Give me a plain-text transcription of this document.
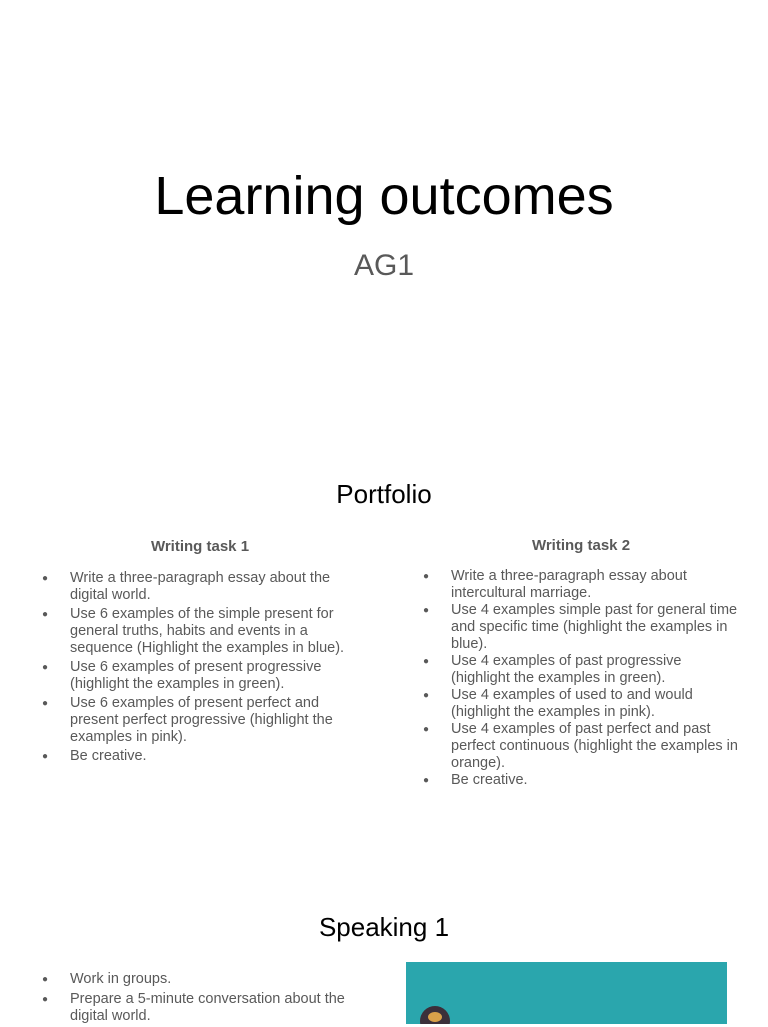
Learning outcomes
AG1
Portfolio
Writing task 1
● Write a three-paragraph essay about the digital world.
● Use 6 examples of the simple present for general truths, habits and events in a sequence (Highlight the examples in blue).
● Use 6 examples of present progressive (highlight the examples in green).
● Use 6 examples of present perfect and present perfect progressive (highlight the examples in pink).
● Be creative.
Writing task 2
● Write a three-paragraph essay about intercultural marriage.
● Use 4 examples simple past for general time and specific time (highlight the examples in blue).
● Use 4 examples of past progressive (highlight the examples in green).
● Use 4 examples of used to and would (highlight the examples in pink).
● Use 4 examples of past perfect and past perfect continuous (highlight the examples in orange).
● Be creative.
Speaking 1
● Work in groups.
● Prepare a 5-minute conversation about the digital world.
